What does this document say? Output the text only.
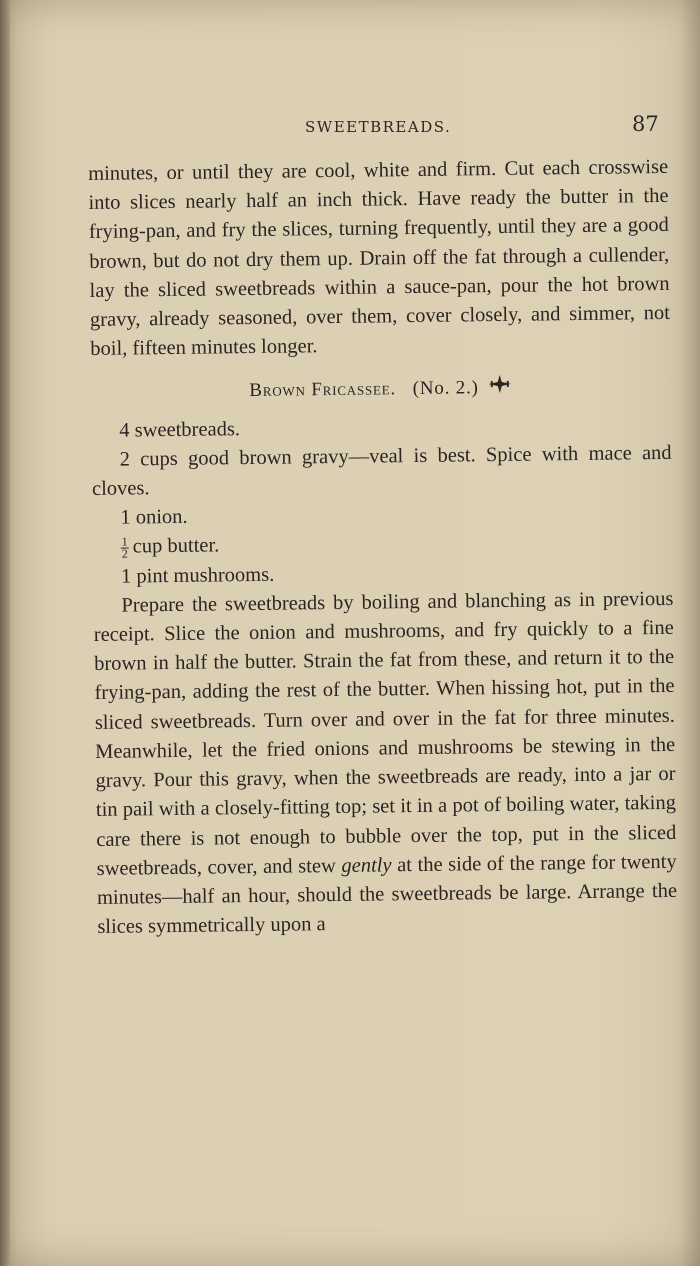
SWEETBREADS.	87

minutes, or until they are cool, white and firm. Cut each crosswise into slices nearly half an inch thick. Have ready the butter in the frying-pan, and fry the slices, turning frequently, until they are a good brown, but do not dry them up. Drain off the fat through a cullender, lay the sliced sweetbreads within a sauce-pan, pour the hot brown gravy, already seasoned, over them, cover closely, and simmer, not boil, fifteen minutes longer.

Brown Fricassee. (No. 2.)

4 sweetbreads.

2 cups good brown gravy—veal is best. Spice with mace and cloves.

1 onion.

$\frac{1}{2}$ cup butter.

1 pint mushrooms.

Prepare the sweetbreads by boiling and blanching as in previous receipt. Slice the onion and mushrooms, and fry quickly to a fine brown in half the butter. Strain the fat from these, and return it to the frying-pan, adding the rest of the butter. When hissing hot, put in the sliced sweetbreads. Turn over and over in the fat for three minutes. Meanwhile, let the fried onions and mushrooms be stewing in the gravy. Pour this gravy, when the sweetbreads are ready, into a jar or tin pail with a closely-fitting top; set it in a pot of boiling water, taking care there is not enough to bubble over the top, put in the sliced sweetbreads, cover, and stew gently at the side of the range for twenty minutes—half an hour, should the sweetbreads be large. Arrange the slices symmetrically upon a
